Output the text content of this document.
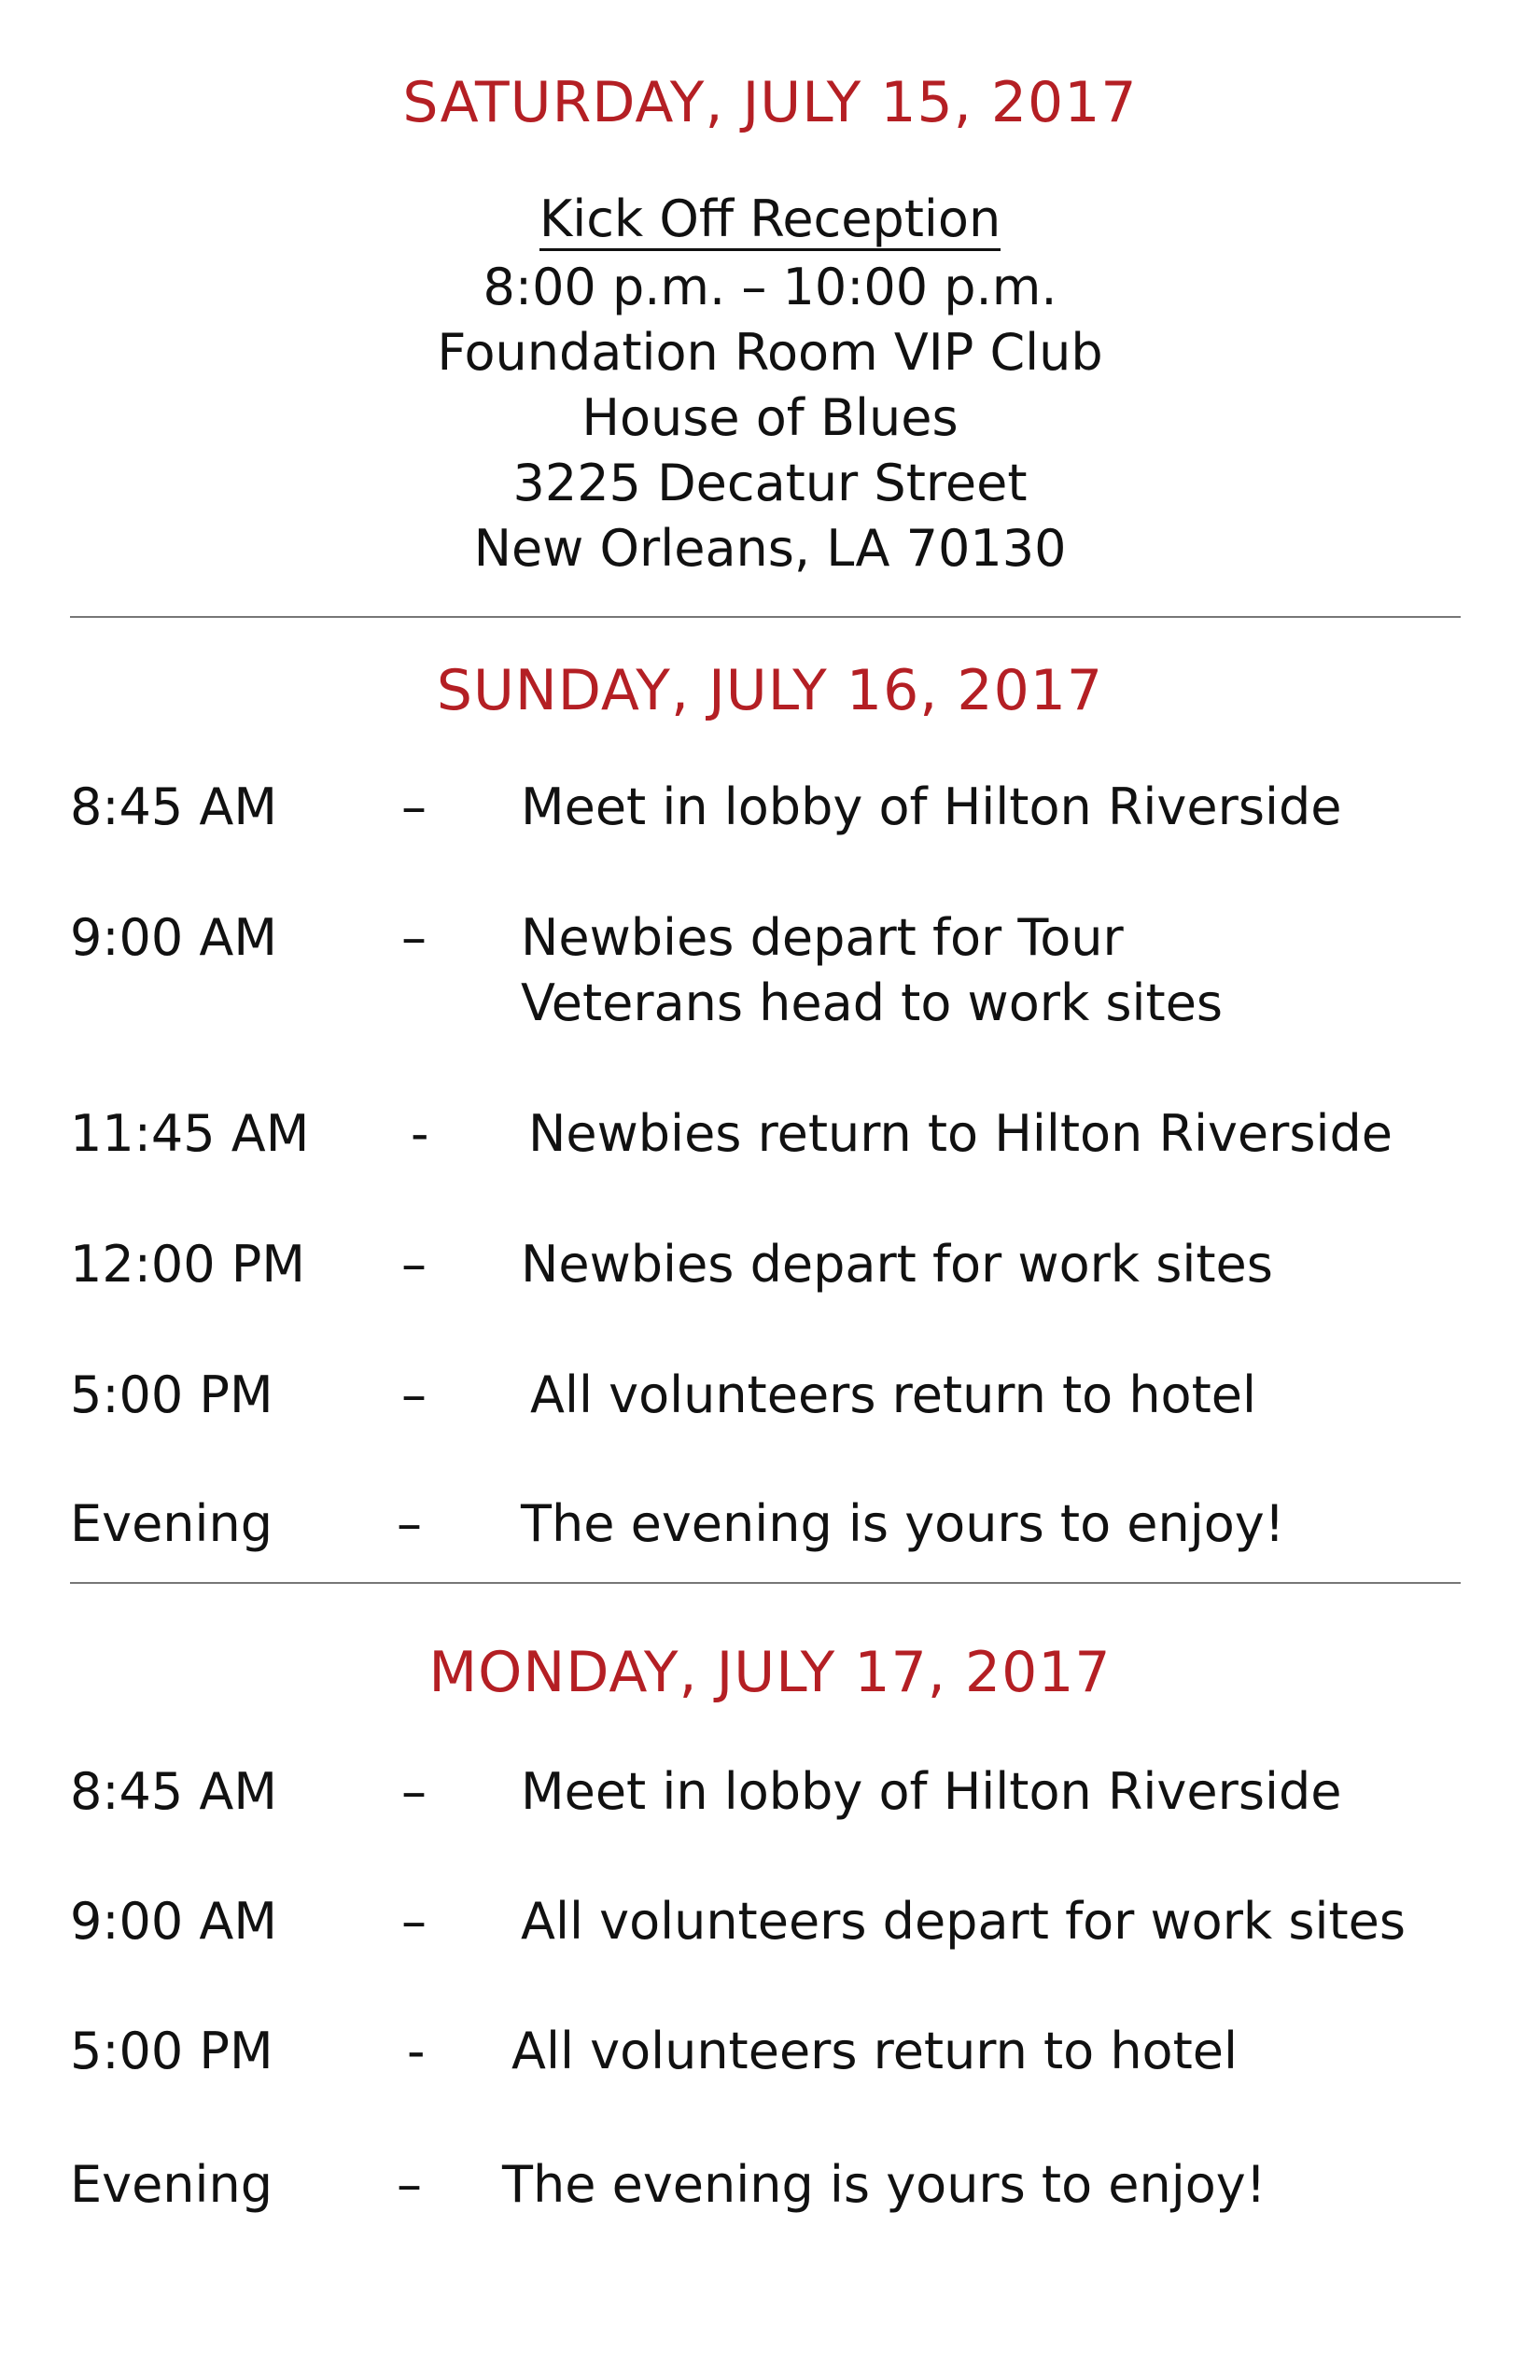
SATURDAY, JULY 15, 2017
Kick Off Reception
8:00 p.m. – 10:00 p.m.
Foundation Room VIP Club
House of Blues
3225 Decatur Street
New Orleans, LA 70130
SUNDAY, JULY 16, 2017
8:45 AM – Meet in lobby of Hilton Riverside
9:00 AM – Newbies depart for Tour
Veterans head to work sites
11:45 AM - Newbies return to Hilton Riverside
12:00 PM – Newbies depart for work sites
5:00 PM	– All volunteers return to hotel
Evening – The evening is yours to enjoy!
MONDAY, JULY 17, 2017
8:45 AM – Meet in lobby of Hilton Riverside
9:00 AM – All volunteers depart for work sites
5:00 PM	- All volunteers return to hotel
Evening – The evening is yours to enjoy!
